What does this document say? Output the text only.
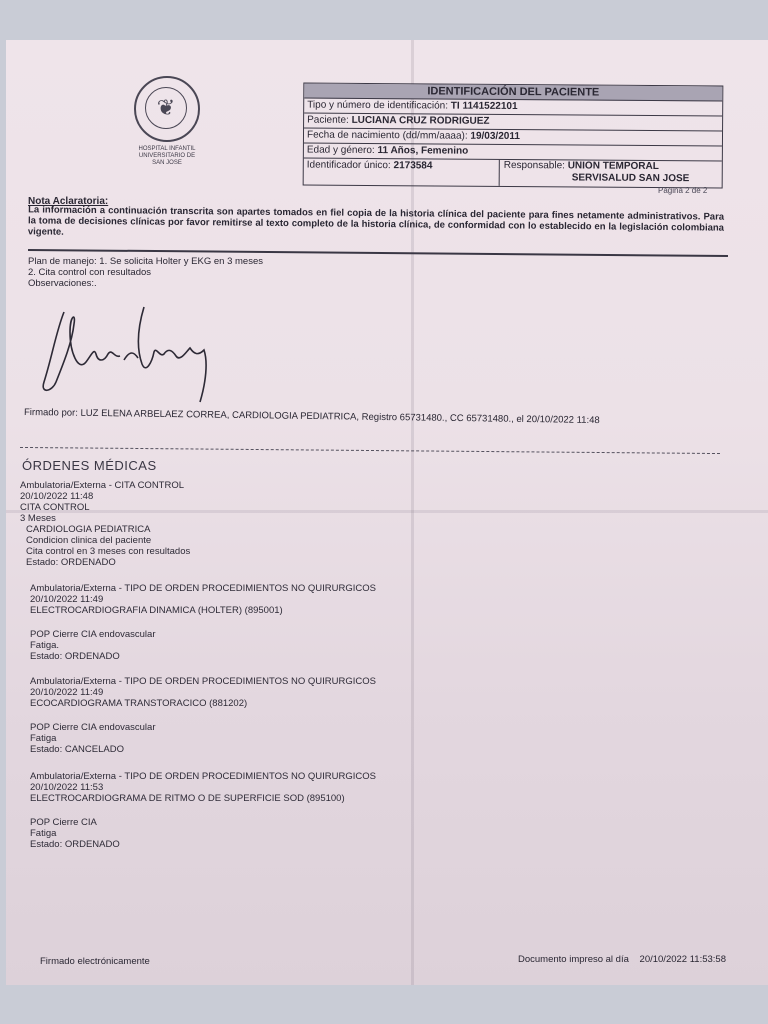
❦
HOSPITAL INFANTIL UNIVERSITARIO DE SAN JOSE
IDENTIFICACIÓN DEL PACIENTE
Tipo y número de identificación: TI 1141522101
Paciente: LUCIANA CRUZ RODRIGUEZ
Fecha de nacimiento (dd/mm/aaaa): 19/03/2011
Edad y género: 11 Años, Femenino
Identificador único: 2173584	Responsable: UNION TEMPORAL
SERVISALUD SAN JOSE
Página 2 de 2
Nota Aclaratoria:
La información a continuación transcrita son apartes tomados en fiel copia de la historia clínica del paciente para fines netamente administrativos. Para la toma de decisiones clínicas por favor remitirse al texto completo de la historia clínica, de conformidad con lo establecido en la legislación colombiana vigente.
Plan de manejo: 1. Se solicita Holter y EKG en 3 meses
2. Cita control con resultados
Observaciones:.
Firmado por: LUZ ELENA ARBELAEZ CORREA, CARDIOLOGIA PEDIATRICA, Registro 65731480., CC 65731480., el 20/10/2022 11:48
ÓRDENES MÉDICAS
Ambulatoria/Externa - CITA CONTROL
20/10/2022 11:48
CITA CONTROL
3 Meses
CARDIOLOGIA PEDIATRICA
Condicion clinica del paciente
Cita control en 3 meses con resultados
Estado: ORDENADO
Ambulatoria/Externa - TIPO DE ORDEN PROCEDIMIENTOS NO QUIRURGICOS
20/10/2022 11:49
ELECTROCARDIOGRAFIA DINAMICA (HOLTER) (895001)
POP Cierre CIA endovascular
Fatiga.
Estado: ORDENADO
Ambulatoria/Externa - TIPO DE ORDEN PROCEDIMIENTOS NO QUIRURGICOS
20/10/2022 11:49
ECOCARDIOGRAMA TRANSTORACICO (881202)
POP Cierre CIA endovascular
Fatiga
Estado: CANCELADO
Ambulatoria/Externa - TIPO DE ORDEN PROCEDIMIENTOS NO QUIRURGICOS
20/10/2022 11:53
ELECTROCARDIOGRAMA DE RITMO O DE SUPERFICIE SOD (895100)
POP Cierre CIA
Fatiga
Estado: ORDENADO
Firmado electrónicamente	Documento impreso al día 20/10/2022 11:53:58
